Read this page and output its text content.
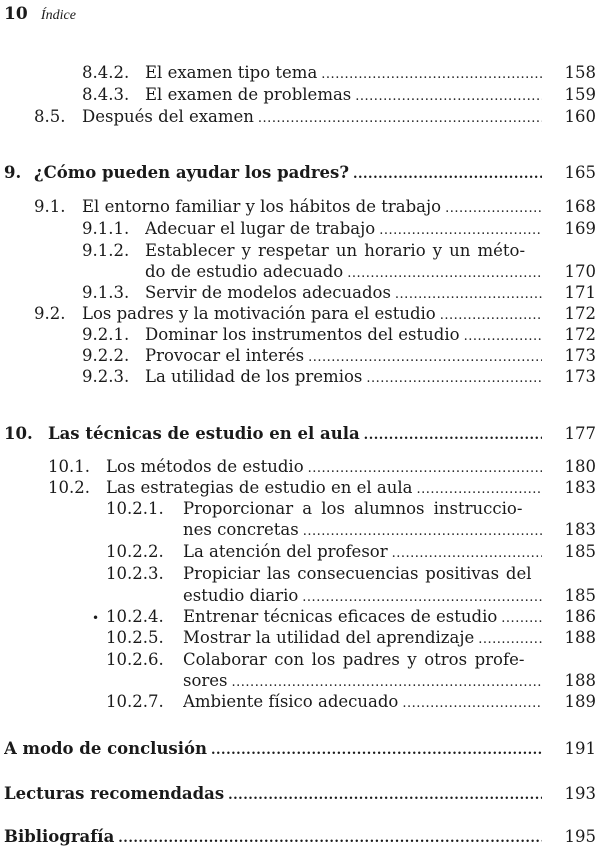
10 Índice
8.4.2. El examen tipo tema .....	158
8.4.3. El examen de problemas .....	159
8.5. Después del examen .....	160
9. ¿Cómo pueden ayudar los padres? .....	165
9.1. El entorno familiar y los hábitos de trabajo .....	168
9.1.1. Adecuar el lugar de trabajo .....	169
9.1.2. Establecer y respetar un horario y un méto-
do de estudio adecuado .....	170
9.1.3. Servir de modelos adecuados .....	171
9.2. Los padres y la motivación para el estudio .....	172
9.2.1. Dominar los instrumentos del estudio .....	172
9.2.2. Provocar el interés .....	173
9.2.3. La utilidad de los premios .....	173
10. Las técnicas de estudio en el aula .....	177
10.1. Los métodos de estudio .....	180
10.2. Las estrategias de estudio en el aula .....	183
10.2.1. Proporcionar a los alumnos instruccio-
nes concretas .....	183
10.2.2. La atención del profesor .....	185
10.2.3. Propiciar las consecuencias positivas del
estudio diario .....	185
• 10.2.4. Entrenar técnicas eficaces de estudio .....	186
10.2.5. Mostrar la utilidad del aprendizaje .....	188
10.2.6. Colaborar con los padres y otros profe-
sores .....	188
10.2.7. Ambiente físico adecuado .....	189
A modo de conclusión .....	191
Lecturas recomendadas .....	193
Bibliografía .....	195
